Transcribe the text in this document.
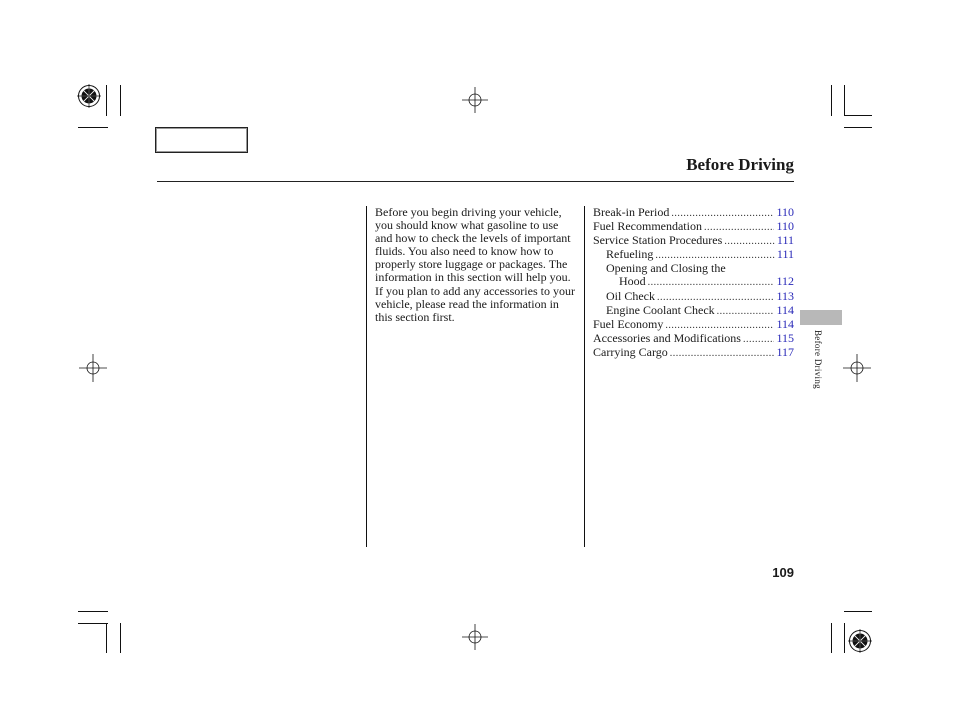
Before Driving
Before you begin driving your vehicle, you should know what gasoline to use and how to check the levels of important fluids. You also need to know how to properly store luggage or packages. The information in this section will help you. If you plan to add any accessories to your vehicle, please read the information in this section first.
Break-in Period .....	110
Fuel Recommendation .....	110
Service Station Procedures .....	111
Refueling .....	111
Opening and Closing the
Hood .....	112
Oil Check .....	113
Engine Coolant Check .....	114
Fuel Economy .....	114
Accessories and Modifications .....	115
Carrying Cargo .....	117 Before Driving
109
